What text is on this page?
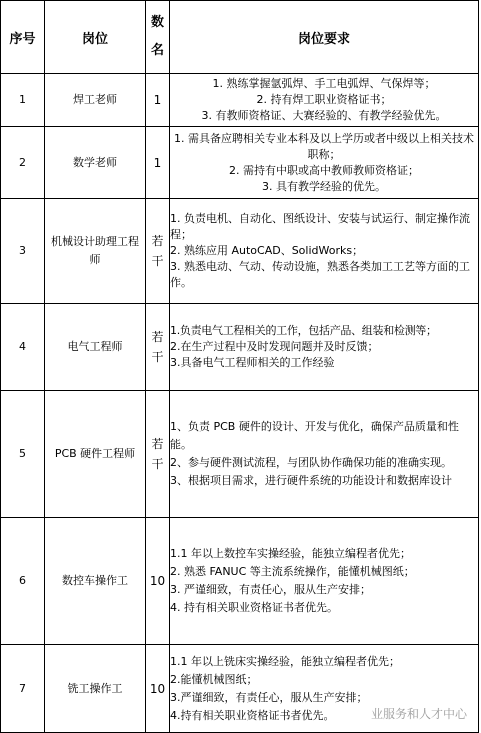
序号	岗位	数名	岗位要求
1	焊工老师	1	1. 熟练掌握氩弧焊、手工电弧焊、气保焊等；
2. 持有焊工职业资格证书；
3. 有教师资格证、大赛经验的、有教学经验优先。

2	数学老师	1	1. 需具备应聘相关专业本科及以上学历或者中级以上相关技术职称；
2. 需持有中职或高中教师教师资格证；
3. 具有教学经验的优先。

3	机械设计助理工程师	若干	1. 负责电机、自动化、图纸设计、安装与试运行、制定操作流程；
2. 熟练应用 AutoCAD、SolidWorks；
3. 熟悉电动、气动、传动设施，熟悉各类加工工艺等方面的工作。

4	电气工程师	若干	1.负责电气工程相关的工作，包括产品、组装和检测等；
2.在生产过程中及时发现问题并及时反馈；
3.具备电气工程师相关的工作经验

5	PCB 硬件工程师	若干	1、负责 PCB 硬件的设计、开发与优化，确保产品质量和性能。
2、参与硬件测试流程，与团队协作确保功能的准确实现。
3、根据项目需求，进行硬件系统的功能设计和数据库设计

6	数控车操作工	10	1.1 年以上数控车实操经验，能独立编程者优先；
2. 熟悉 FANUC 等主流系统操作，能懂机械图纸；
3. 严谨细致，有责任心，服从生产安排；
4. 持有相关职业资格证书者优先。

7	铣工操作工	10	1.1 年以上铣床实操经验，能独立编程者优先；
2.能懂机械图纸；
3.严谨细致，有责任心，服从生产安排；
4.持有相关职业资格证书者优先。	业服务和人才中心
